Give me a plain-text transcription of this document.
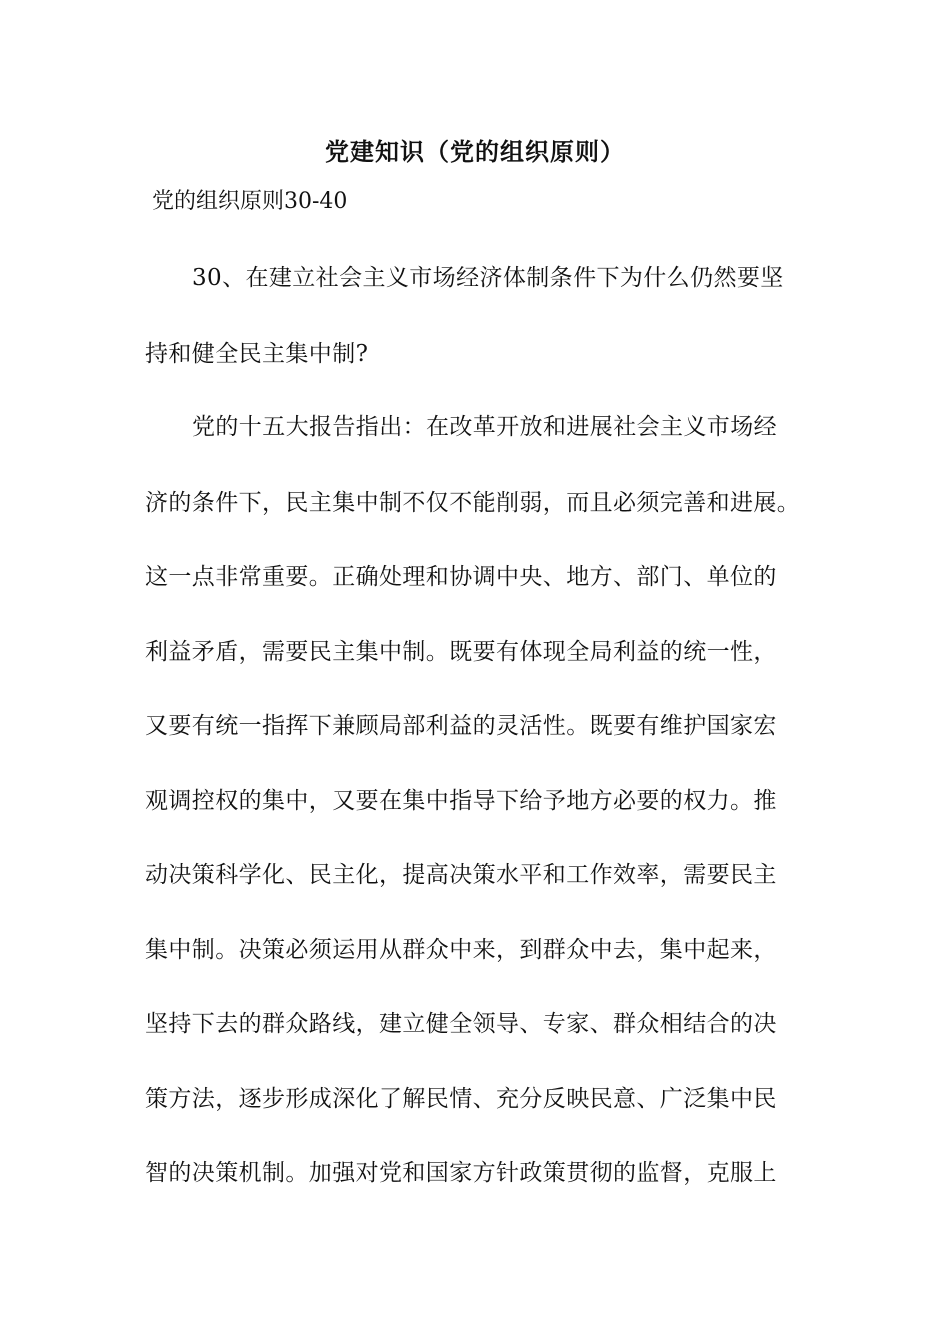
党建知识（党的组织原则）
党的组织原则30-40
30、在建立社会主义市场经济体制条件下为什么仍然要坚
持和健全民主集中制?
党的十五大报告指出：在改革开放和进展社会主义市场经
济的条件下，民主集中制不仅不能削弱，而且必须完善和进展。
这一点非常重要。正确处理和协调中央、地方、部门、单位的
利益矛盾，需要民主集中制。既要有体现全局利益的统一性，
又要有统一指挥下兼顾局部利益的灵活性。既要有维护国家宏
观调控权的集中，又要在集中指导下给予地方必要的权力。推
动决策科学化、民主化，提高决策水平和工作效率，需要民主
集中制。决策必须运用从群众中来，到群众中去，集中起来，
坚持下去的群众路线，建立健全领导、专家、群众相结合的决
策方法，逐步形成深化了解民情、充分反映民意、广泛集中民
智的决策机制。加强对党和国家方针政策贯彻的监督，克服上
